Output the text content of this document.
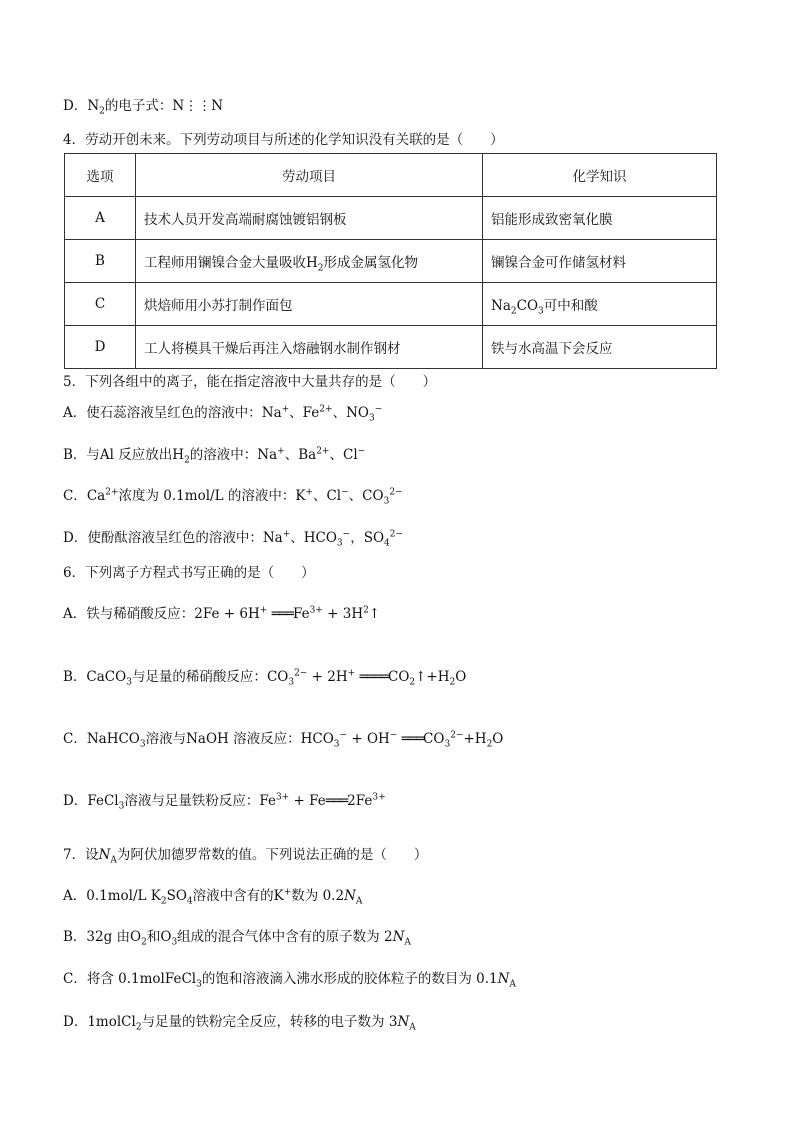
D．$N_2$的电子式：N⋮⋮N
4．劳动开创未来。下列劳动项目与所述的化学知识没有关联的是（　　）
选项	劳动项目	化学知识
A	技术人员开发高端耐腐蚀镀铝钢板	铝能形成致密氧化膜
B	工程师用镧镍合金大量吸收$H_2$形成金属氢化物	镧镍合金可作储氢材料
C	烘焙师用小苏打制作面包	$Na_2CO_3$可中和酸
D	工人将模具干燥后再注入熔融钢水制作钢材	铁与水高温下会反应
5．下列各组中的离子，能在指定溶液中大量共存的是（　　）
A．使石蕊溶液呈红色的溶液中：Na+、$Fe^{2+}$、$NO_3^-$
B．与Al 反应放出$H_2$的溶液中：Na+、$Ba^{2+}$、Cl−
C．$Ca^{2+}$浓度为 0.1mol/L 的溶液中：K+、Cl−、$CO_3^{2-}$
D．使酚酞溶液呈红色的溶液中：Na+、$HCO_3^-$，$SO_4^{2-}$
6．下列离子方程式书写正确的是（　　）
A．铁与稀硝酸反应：2Fe + 6H+ $═══Fe^{3+}$ + $3H^2↑$
B．CaCO$_3$与足量的稀硝酸反应：$CO_3^{2-} + 2H^+$ $════CO_2↑+H_2O$
C．NaHCO$_3$溶液与NaOH 溶液反应：$HCO_3^- + OH^-$ $═══CO_3^{2-}+H_2O$
D．FeCl$_3$溶液与足量铁粉反应：$Fe^{3+}$ + $Fe═══2Fe^{3+}$
7．设$N_A$为阿伏加德罗常数的值。下列说法正确的是（　　）
A．0.1mol/L $K_2SO_4$溶液中含有的K+数为 $0.2N_A$
B．32g 由$O_2$和$O_3$组成的混合气体中含有的原子数为 $2N_A$
C．将含 0.1molFeCl$_3$的饱和溶液滴入沸水形成的胶体粒子的数目为 $0.1N_A$
D．1molCl$_2$与足量的铁粉完全反应，转移的电子数为 $3N_A$
